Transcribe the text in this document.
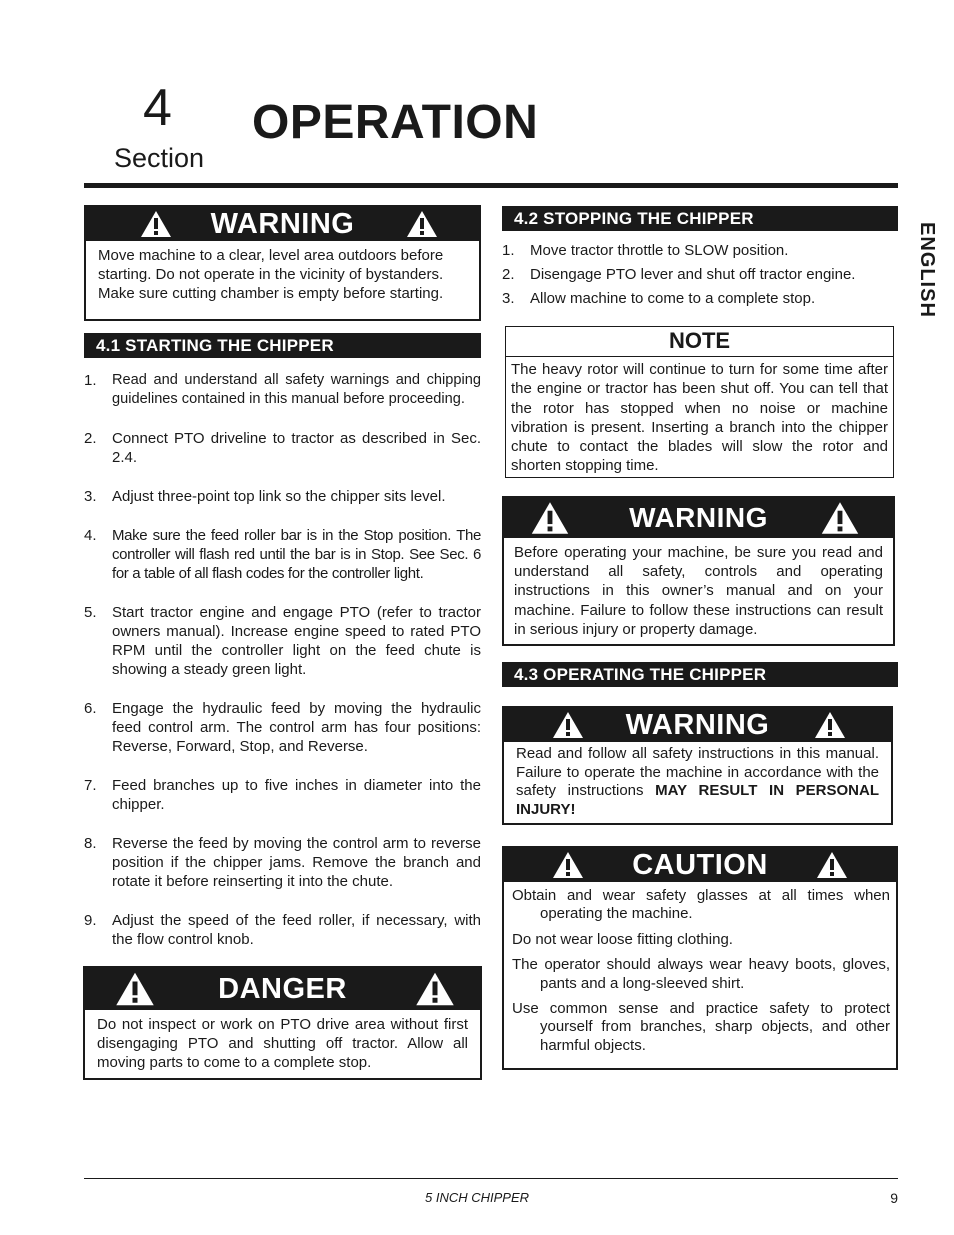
4
Section
OPERATION
ENGLISH
WARNING
Move machine to a clear, level area outdoors before starting. Do not operate in the vicinity of bystanders. Make sure cutting chamber is empty before starting.
4.1 STARTING THE CHIPPER
1. Read and understand all safety warnings and chipping guidelines contained in this manual before proceeding.
2. Connect PTO driveline to tractor as described in Sec. 2.4.
3. Adjust three-point top link so the chipper sits level.
4. Make sure the feed roller bar is in the Stop position. The controller will flash red until the bar is in Stop. See Sec. 6 for a table of all flash codes for the controller light.
5. Start tractor engine and engage PTO (refer to tractor owners manual). Increase engine speed to rated PTO RPM until the controller light on the feed chute is showing a steady green light.
6. Engage the hydraulic feed by moving the hydraulic feed control arm. The control arm has four positions: Reverse, Forward, Stop, and Reverse.
7. Feed branches up to five inches in diameter into the chipper.
8. Reverse the feed by moving the control arm to reverse position if the chipper jams. Remove the branch and rotate it before reinserting it into the chute.
9. Adjust the speed of the feed roller, if necessary, with the flow control knob.
DANGER
Do not inspect or work on PTO drive area without first disengaging PTO and shutting off tractor. Allow all moving parts to come to a complete stop.
4.2 STOPPING THE CHIPPER
1. Move tractor throttle to SLOW position.
2. Disengage PTO lever and shut off tractor engine.
3. Allow machine to come to a complete stop.
NOTE
The heavy rotor will continue to turn for some time after the engine or tractor has been shut off. You can tell that the rotor has stopped when no noise or machine vibration is present. Inserting a branch into the chipper chute to contact the blades will slow the rotor and shorten stopping time.
WARNING
Before operating your machine, be sure you read and understand all safety, controls and operating instructions in this owner’s manual and on your machine. Failure to follow these instructions can result in serious injury or property damage.
4.3 OPERATING THE CHIPPER
WARNING
Read and follow all safety instructions in this manual. Failure to operate the machine in accordance with the safety instructions MAY RESULT IN PERSONAL INJURY!
CAUTION

Obtain and wear safety glasses at all times when operating the machine.

Do not wear loose fitting clothing.

The operator should always wear heavy boots, gloves, pants and a long-sleeved shirt.

Use common sense and practice safety to protect yourself from branches, sharp objects, and other harmful objects.

5 INCH CHIPPER	9
